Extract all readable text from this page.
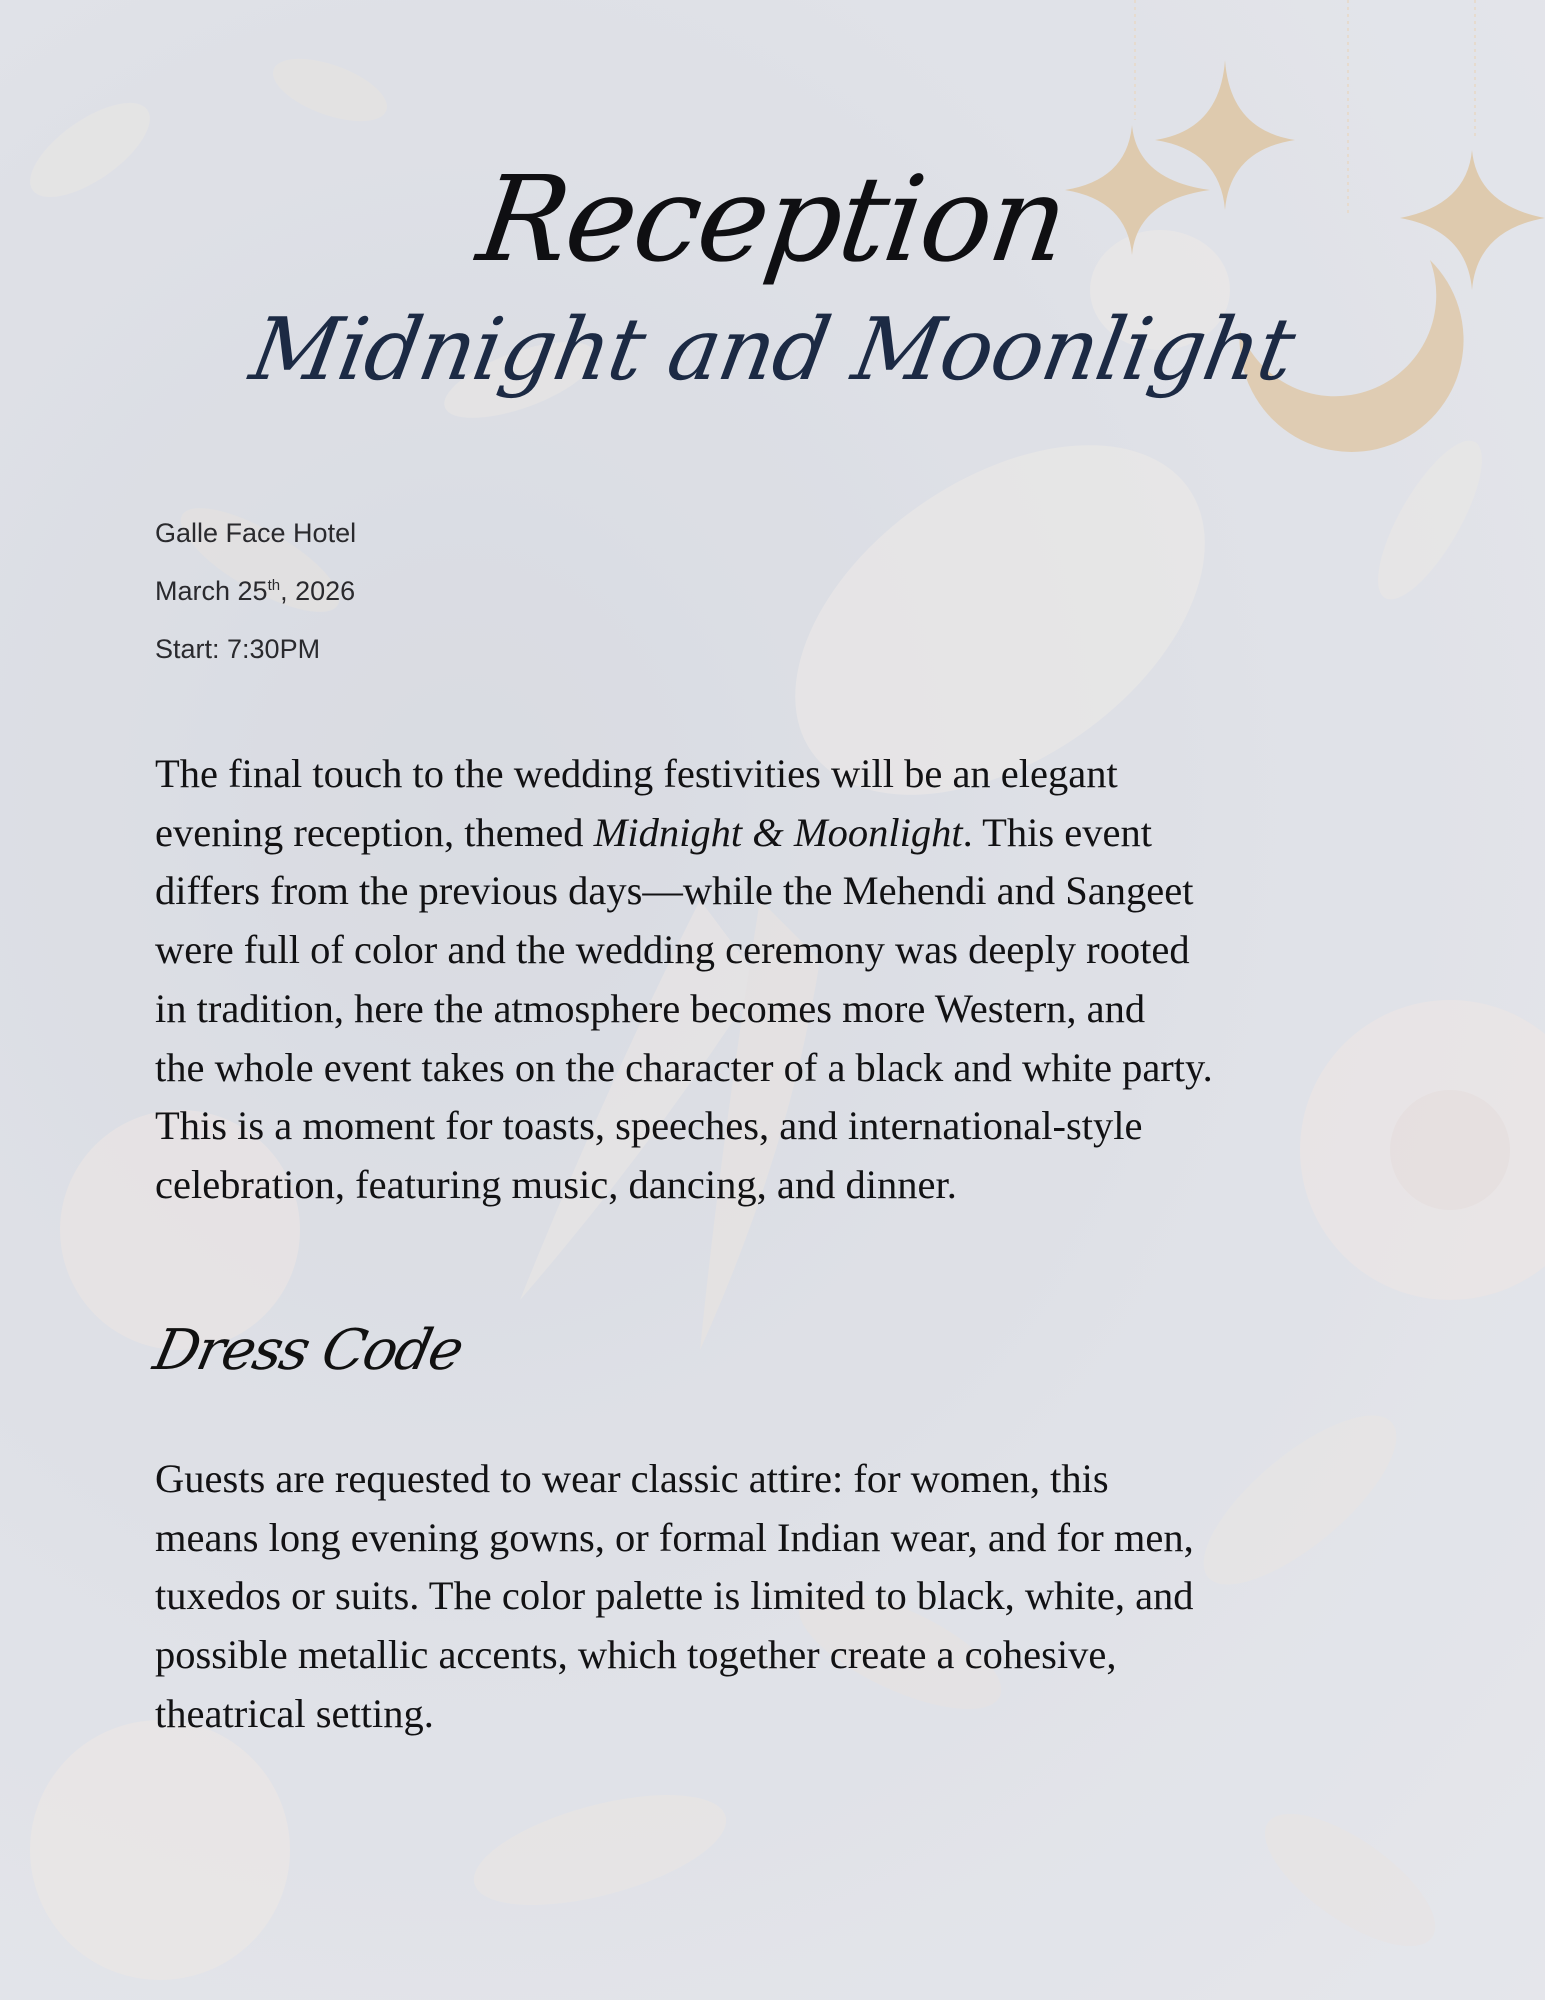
Reception
Midnight and Moonlight
Galle Face Hotel
March 25th, 2026
Start: 7:30PM
The final touch to the wedding festivities will be an elegant
evening reception, themed Midnight & Moonlight. This event
differs from the previous days—while the Mehendi and Sangeet
were full of color and the wedding ceremony was deeply rooted
in tradition, here the atmosphere becomes more Western, and
the whole event takes on the character of a black and white party.
This is a moment for toasts, speeches, and international-style
celebration, featuring music, dancing, and dinner.
Dress Code
Guests are requested to wear classic attire: for women, this
means long evening gowns, or formal Indian wear, and for men,
tuxedos or suits. The color palette is limited to black, white, and
possible metallic accents, which together create a cohesive,
theatrical setting.
